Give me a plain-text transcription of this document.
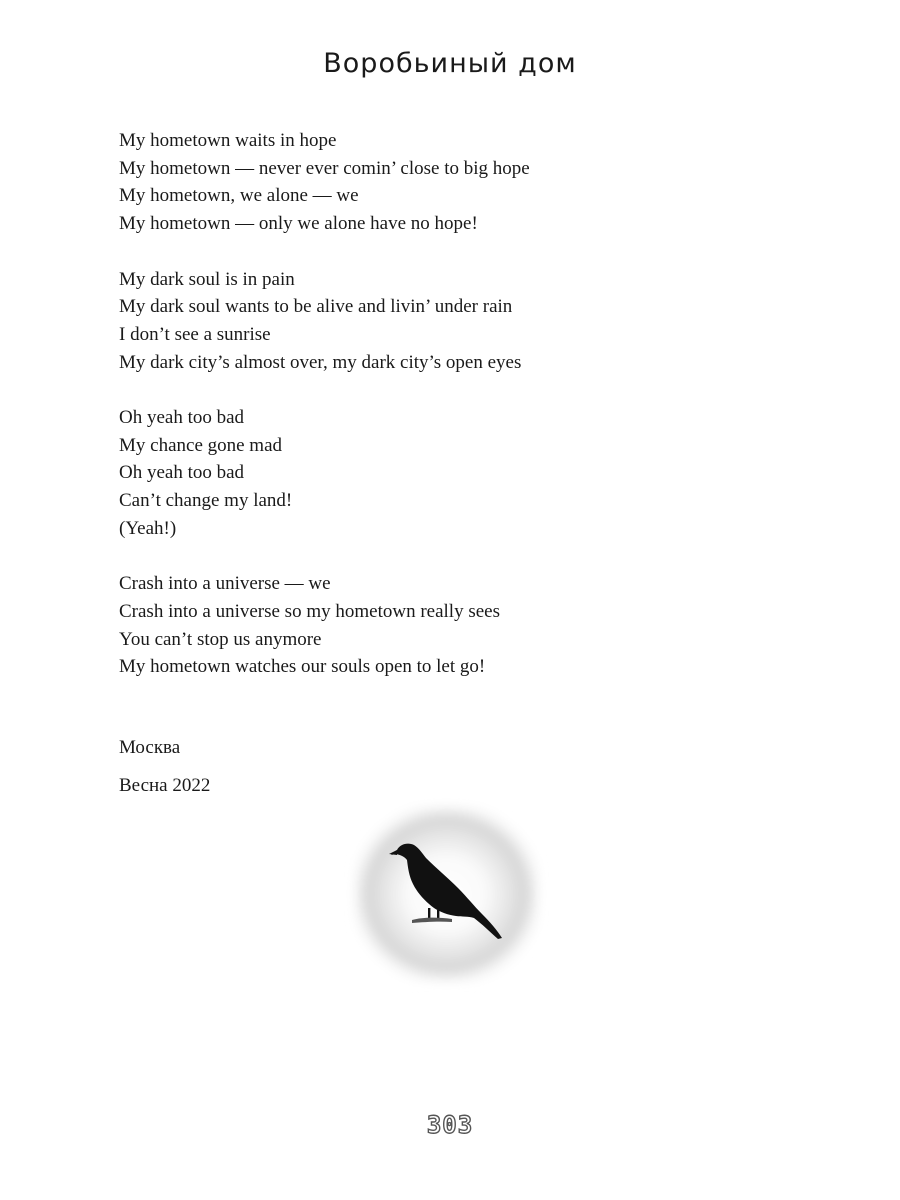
Воробьиный дом

My hometown waits in hope
My hometown — never ever comin’ close to big hope
My hometown, we alone — we
My hometown — only we alone have no hope!

My dark soul is in pain
My dark soul wants to be alive and livin’ under rain
I don’t see a sunrise
My dark city’s almost over, my dark city’s open eyes

Oh yeah too bad
My chance gone mad
Oh yeah too bad
Can’t change my land!
(Yeah!)

Crash into a universe — we
Crash into a universe so my hometown really sees
You can’t stop us anymore
My hometown watches our souls open to let go!

Москва
Весна 2022
303
